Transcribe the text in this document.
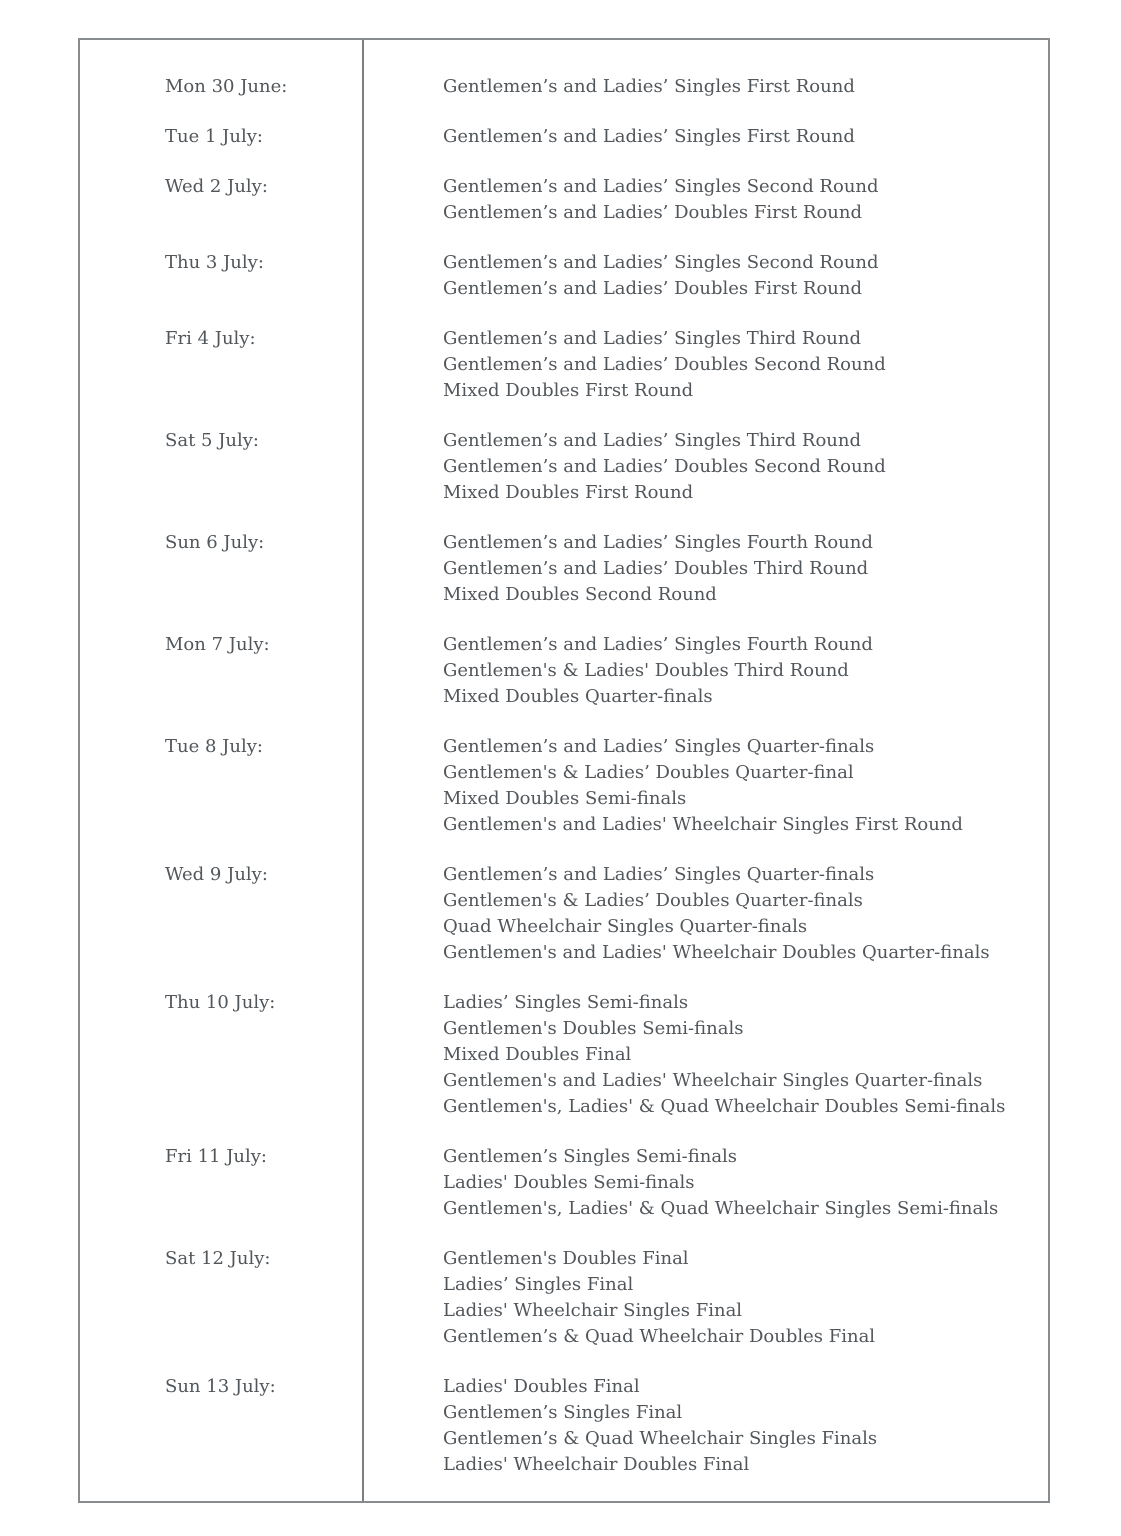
Mon 30 June:	Gentlemen’s and Ladies’ Singles First Round
Tue 1 July:	Gentlemen’s and Ladies’ Singles First Round
Wed 2 July:	Gentlemen’s and Ladies’ Singles Second Round
Gentlemen’s and Ladies’ Doubles First Round
Thu 3 July:	Gentlemen’s and Ladies’ Singles Second Round
Gentlemen’s and Ladies’ Doubles First Round
Fri 4 July:	Gentlemen’s and Ladies’ Singles Third Round
Gentlemen’s and Ladies’ Doubles Second Round
Mixed Doubles First Round
Sat 5 July:	Gentlemen’s and Ladies’ Singles Third Round
Gentlemen’s and Ladies’ Doubles Second Round
Mixed Doubles First Round
Sun 6 July:	Gentlemen’s and Ladies’ Singles Fourth Round
Gentlemen’s and Ladies’ Doubles Third Round
Mixed Doubles Second Round
Mon 7 July:	Gentlemen’s and Ladies’ Singles Fourth Round
Gentlemen's & Ladies' Doubles Third Round
Mixed Doubles Quarter-finals
Tue 8 July:	Gentlemen’s and Ladies’ Singles Quarter-finals
Gentlemen's & Ladies’ Doubles Quarter-final
Mixed Doubles Semi-finals
Gentlemen's and Ladies' Wheelchair Singles First Round
Wed 9 July:	Gentlemen’s and Ladies’ Singles Quarter-finals
Gentlemen's & Ladies’ Doubles Quarter-finals
Quad Wheelchair Singles Quarter-finals
Gentlemen's and Ladies' Wheelchair Doubles Quarter-finals
Thu 10 July:	Ladies’ Singles Semi-finals
Gentlemen's Doubles Semi-finals
Mixed Doubles Final
Gentlemen's and Ladies' Wheelchair Singles Quarter-finals
Gentlemen's, Ladies' & Quad Wheelchair Doubles Semi-finals
Fri 11 July:	Gentlemen’s Singles Semi-finals
Ladies' Doubles Semi-finals
Gentlemen's, Ladies' & Quad Wheelchair Singles Semi-finals
Sat 12 July:	Gentlemen's Doubles Final
Ladies’ Singles Final
Ladies' Wheelchair Singles Final
Gentlemen’s & Quad Wheelchair Doubles Final
Sun 13 July:	Ladies' Doubles Final
Gentlemen’s Singles Final
Gentlemen’s & Quad Wheelchair Singles Finals
Ladies' Wheelchair Doubles Final
